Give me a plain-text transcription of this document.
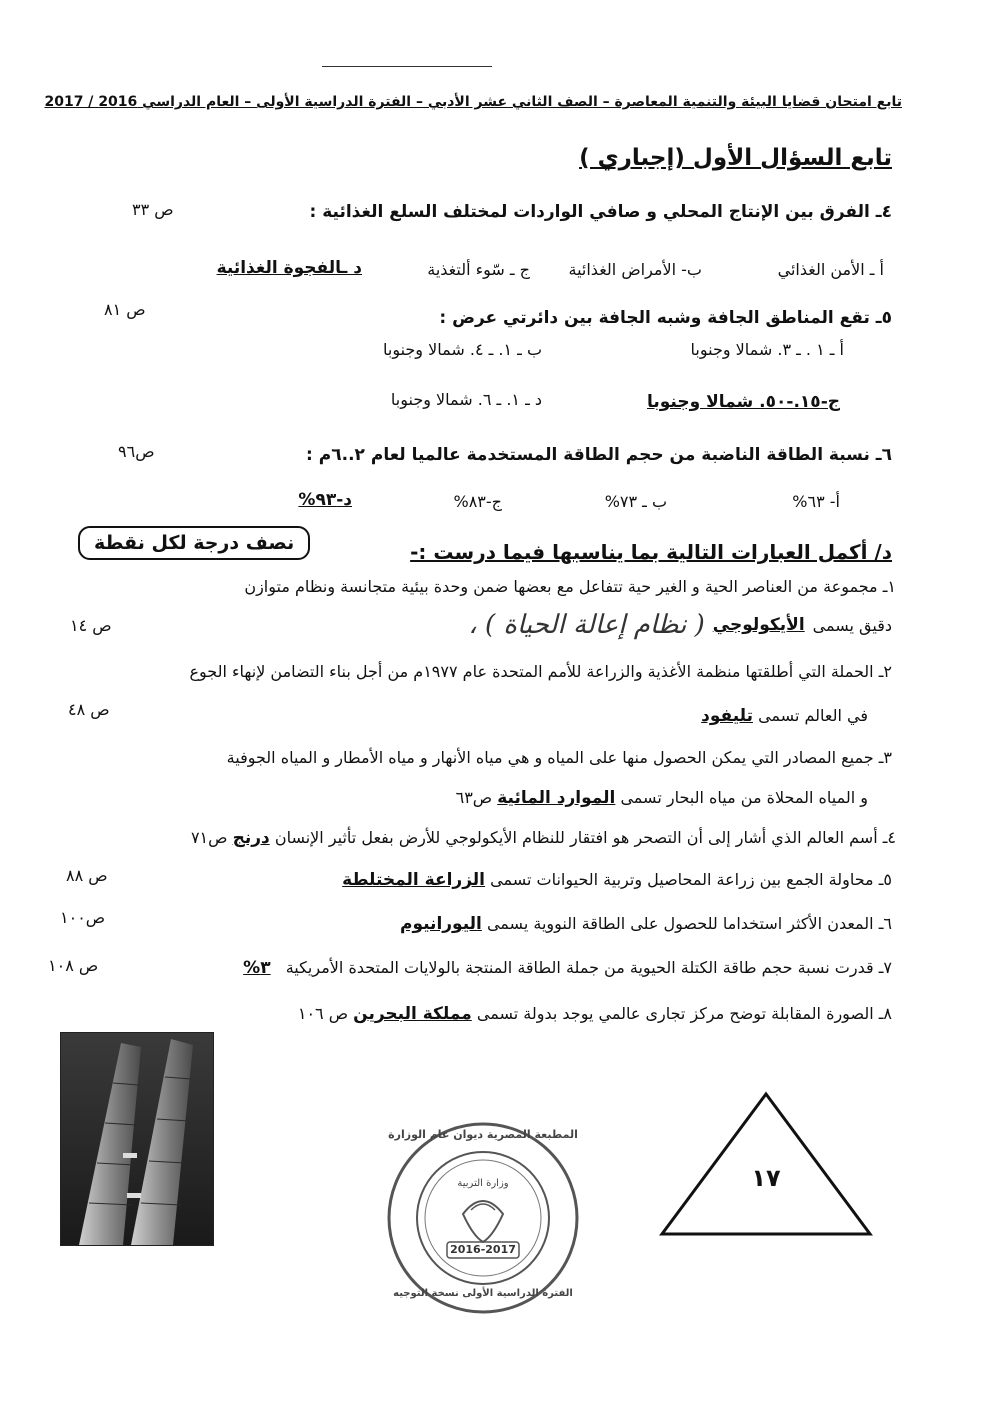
تابع امتحان قضايا البيئة والتنمية المعاصرة – الصف الثاني عشر الأدبي – الفترة الدراسية الأولى – العام الدراسي 2016 / 2017
تابع السؤال الأول (إجباري )
٤ـ الفرق بين الإنتاج المحلي و صافي الواردات لمختلف السلع الغذائية :
ص ٣٣
أ ـ الأمن الغذائي
ب- الأمراض الغذائية
ج ـ سّوء ألتغذية
د ـالفجوة الغذائية
٥ـ تقع المناطق الجافة وشبه الجافة بين دائرتي عرض :
ص ٨١
أ ـ ١ . ـ ٣. شمالا وجنوبا
ب ـ ١. ـ ٤. شمالا وجنوبا
ج-١٥.-٥٠. شمالا وجنوبا
د ـ ١. ـ ٦. شمالا وجنوبا
٦ـ نسبة الطاقة الناضبة من حجم الطاقة المستخدمة عالميا لعام ٢..٦م :
ص٩٦
أ- ٦٣%
ب ـ ٧٣%
ج-٨٣%
د-٩٣%
د/ أكمل العبارات التالية بما يناسبها فيما درست :-
نصف درجة لكل نقطة
١ـ مجموعة من العناصر الحية و الغير حية تتفاعل مع بعضها ضمن وحدة بيئية متجانسة ونظام متوازن
دقيق يسمى
الأيكولوجي
( نظام إعالة الحياة ) ،
ص ١٤
٢ـ الحملة التي أطلقتها منظمة الأغذية والزراعة للأمم المتحدة عام ١٩٧٧م من أجل بناء التضامن لإنهاء الجوع
في العالم تسمى تليفود
ص ٤٨
٣ـ جميع المصادر التي يمكن الحصول منها على المياه و هي مياه الأنهار و مياه الأمطار و المياه الجوفية
و المياه المحلاة من مياه البحار تسمى الموارد المائية ص٦٣
٤ـ أسم العالم الذي أشار إلى أن التصحر هو افتقار للنظام الأيكولوجي للأرض بفعل تأثير الإنسان درنج ص٧١
٥ـ محاولة الجمع بين زراعة المحاصيل وتربية الحيوانات تسمى الزراعة المختلطة
ص ٨٨
٦ـ المعدن الأكثر استخداما للحصول على الطاقة النووية يسمى اليورانيوم
ص١٠٠
٧ـ قدرت نسبة حجم طاقة الكتلة الحيوية من جملة الطاقة المنتجة بالولايات المتحدة الأمريكية ٣%
ص ١٠٨
٨ـ الصورة المقابلة توضح مركز تجارى عالمي يوجد بدولة تسمى مملكة البحرين ص ١٠٦
المطبعة المصرية ديوان عام الوزارة
وزارة التربية
2016-2017
الفترة الدراسية الأولى نسخة التوجيه
١٧
